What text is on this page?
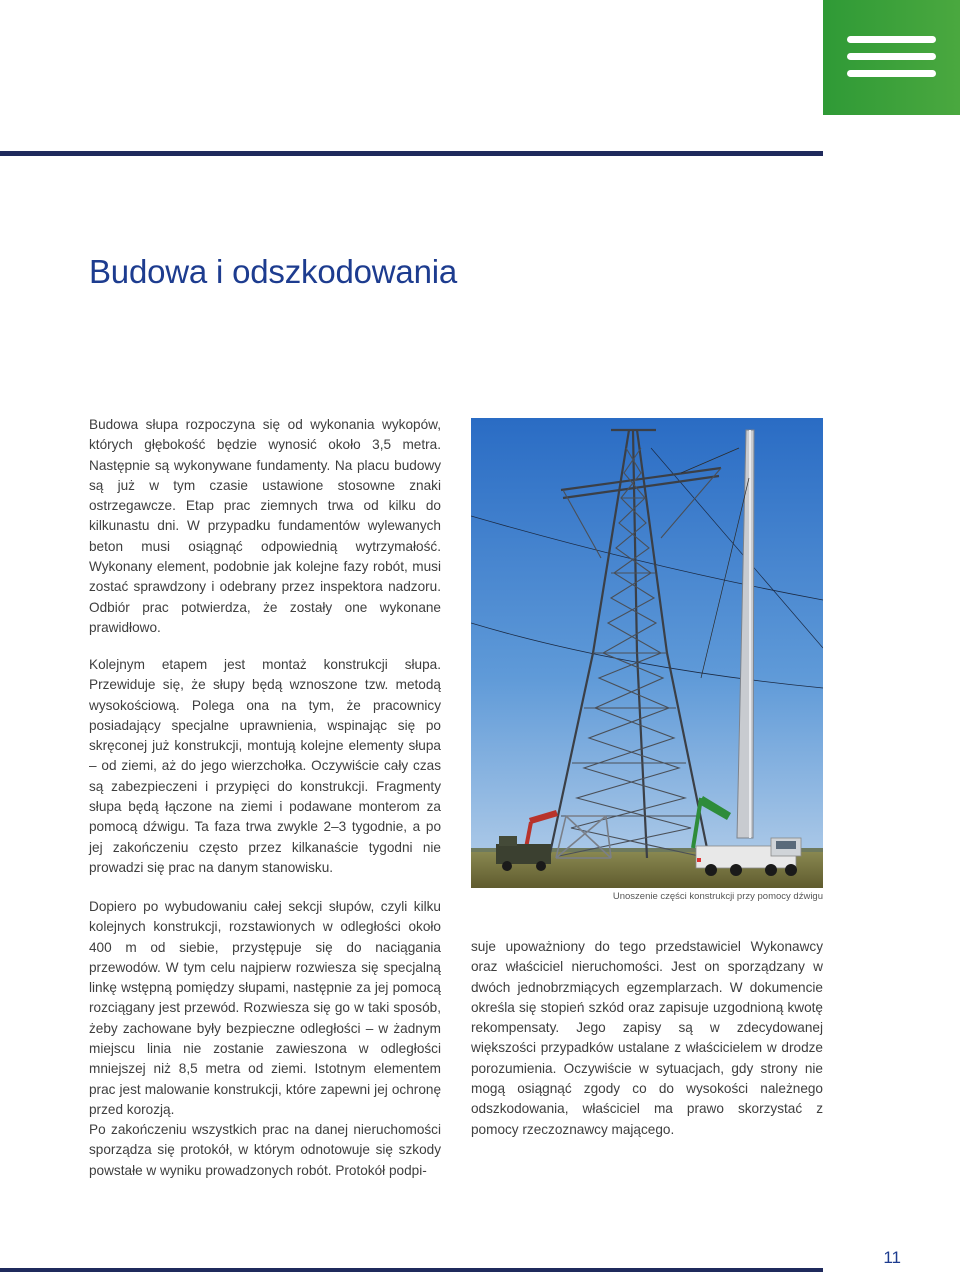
Budowa i odszkodowania

Budowa słupa rozpoczyna się od wykonania wykopów, których głębokość będzie wynosić około 3,5 metra. Następnie są wykonywane fundamenty. Na placu budowy są już w tym czasie ustawione stosowne znaki ostrzegawcze. Etap prac ziemnych trwa od kilku do kilkunastu dni. W przypadku fundamentów wylewanych beton musi osiągnąć odpowiednią wytrzymałość. Wykonany element, podobnie jak kolejne fazy robót, musi zostać sprawdzony i odebrany przez inspektora nadzoru. Odbiór prac potwierdza, że zostały one wykonane prawidłowo.

Kolejnym etapem jest montaż konstrukcji słupa. Przewiduje się, że słupy będą wznoszone tzw. metodą wysokościową. Polega ona na tym, że pracownicy posiadający specjalne uprawnienia, wspinając się po skręconej już konstrukcji, montują kolejne elementy słupa – od ziemi, aż do jego wierzchołka. Oczywiście cały czas są zabezpieczeni i przypięci do konstrukcji. Fragmenty słupa będą łączone na ziemi i podawane monterom za pomocą dźwigu. Ta faza trwa zwykle 2–3 tygodnie, a po jej zakończeniu często przez kilkanaście tygodni nie prowadzi się prac na danym stanowisku.

Dopiero po wybudowaniu całej sekcji słupów, czyli kilku kolejnych konstrukcji, rozstawionych w odległości około 400 m od siebie, przystępuje się do naciągania przewodów. W tym celu najpierw rozwiesza się specjalną linkę wstępną pomiędzy słupami, następnie za jej pomocą rozciągany jest przewód. Rozwiesza się go w taki sposób, żeby zachowane były bezpieczne odległości – w żadnym miejscu linia nie zostanie zawieszona w odległości mniejszej niż 8,5 metra od ziemi. Istotnym elementem prac jest malowanie konstrukcji, które zapewni jej ochronę przed korozją.

Po zakończeniu wszystkich prac na danej nieruchomości sporządza się protokół, w którym odnotowuje się szkody powstałe w wyniku prowadzonych robót. Protokół podpi-

Unoszenie części konstrukcji przy pomocy dźwigu

suje upoważniony do tego przedstawiciel Wykonawcy oraz właściciel nieruchomości. Jest on sporządzany w dwóch jednobrzmiących egzemplarzach. W dokumencie określa się stopień szkód oraz zapisuje uzgodnioną kwotę rekompensaty. Jego zapisy są w zdecydowanej większości przypadków ustalane z właścicielem w drodze porozumienia. Oczywiście w sytuacjach, gdy strony nie mogą osiągnąć zgody co do wysokości należnego odszkodowania, właściciel ma prawo skorzystać z pomocy rzeczoznawcy mającego.

11
